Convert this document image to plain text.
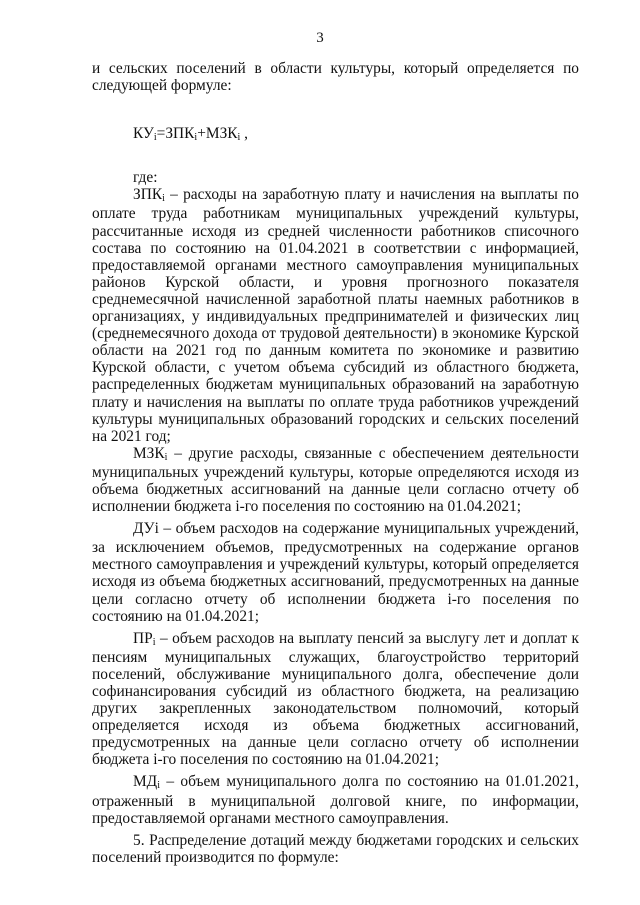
3

и сельских поселений в области культуры, который определяется по следующей формуле:

КУi=ЗПКi+МЗКi ,

где:

ЗПКi – расходы на заработную плату и начисления на выплаты по оплате труда работникам муниципальных учреждений культуры, рассчитанные исходя из средней численности работников списочного состава по состоянию на 01.04.2021 в соответствии с информацией, предоставляемой органами местного самоуправления муниципальных районов Курской области, и уровня прогнозного показателя среднемесячной начисленной заработной платы наемных работников в организациях, у индивидуальных предпринимателей и физических лиц (среднемесячного дохода от трудовой деятельности) в экономике Курской области на 2021 год по данным комитета по экономике и развитию Курской области, с учетом объема субсидий из областного бюджета, распределенных бюджетам муниципальных образований на заработную плату и начисления на выплаты по оплате труда работников учреждений культуры муниципальных образований городских и сельских поселений на 2021 год;

МЗКi – другие расходы, связанные с обеспечением деятельности муниципальных учреждений культуры, которые определяются исходя из объема бюджетных ассигнований на данные цели согласно отчету об исполнении бюджета i-го поселения по состоянию на 01.04.2021;

ДУi – объем расходов на содержание муниципальных учреждений, за исключением объемов, предусмотренных на содержание органов местного самоуправления и учреждений культуры, который определяется исходя из объема бюджетных ассигнований, предусмотренных на данные цели согласно отчету об исполнении бюджета i-го поселения по состоянию на 01.04.2021;

ПРi – объем расходов на выплату пенсий за выслугу лет и доплат к пенсиям муниципальных служащих, благоустройство территорий поселений, обслуживание муниципального долга, обеспечение доли софинансирования субсидий из областного бюджета, на реализацию других закрепленных законодательством полномочий, который определяется исходя из объема бюджетных ассигнований, предусмотренных на данные цели согласно отчету об исполнении бюджета i-го поселения по состоянию на 01.04.2021;

МДi – объем муниципального долга по состоянию на 01.01.2021, отраженный в муниципальной долговой книге, по информации, предоставляемой органами местного самоуправления.

5. Распределение дотаций между бюджетами городских и сельских поселений производится по формуле:
